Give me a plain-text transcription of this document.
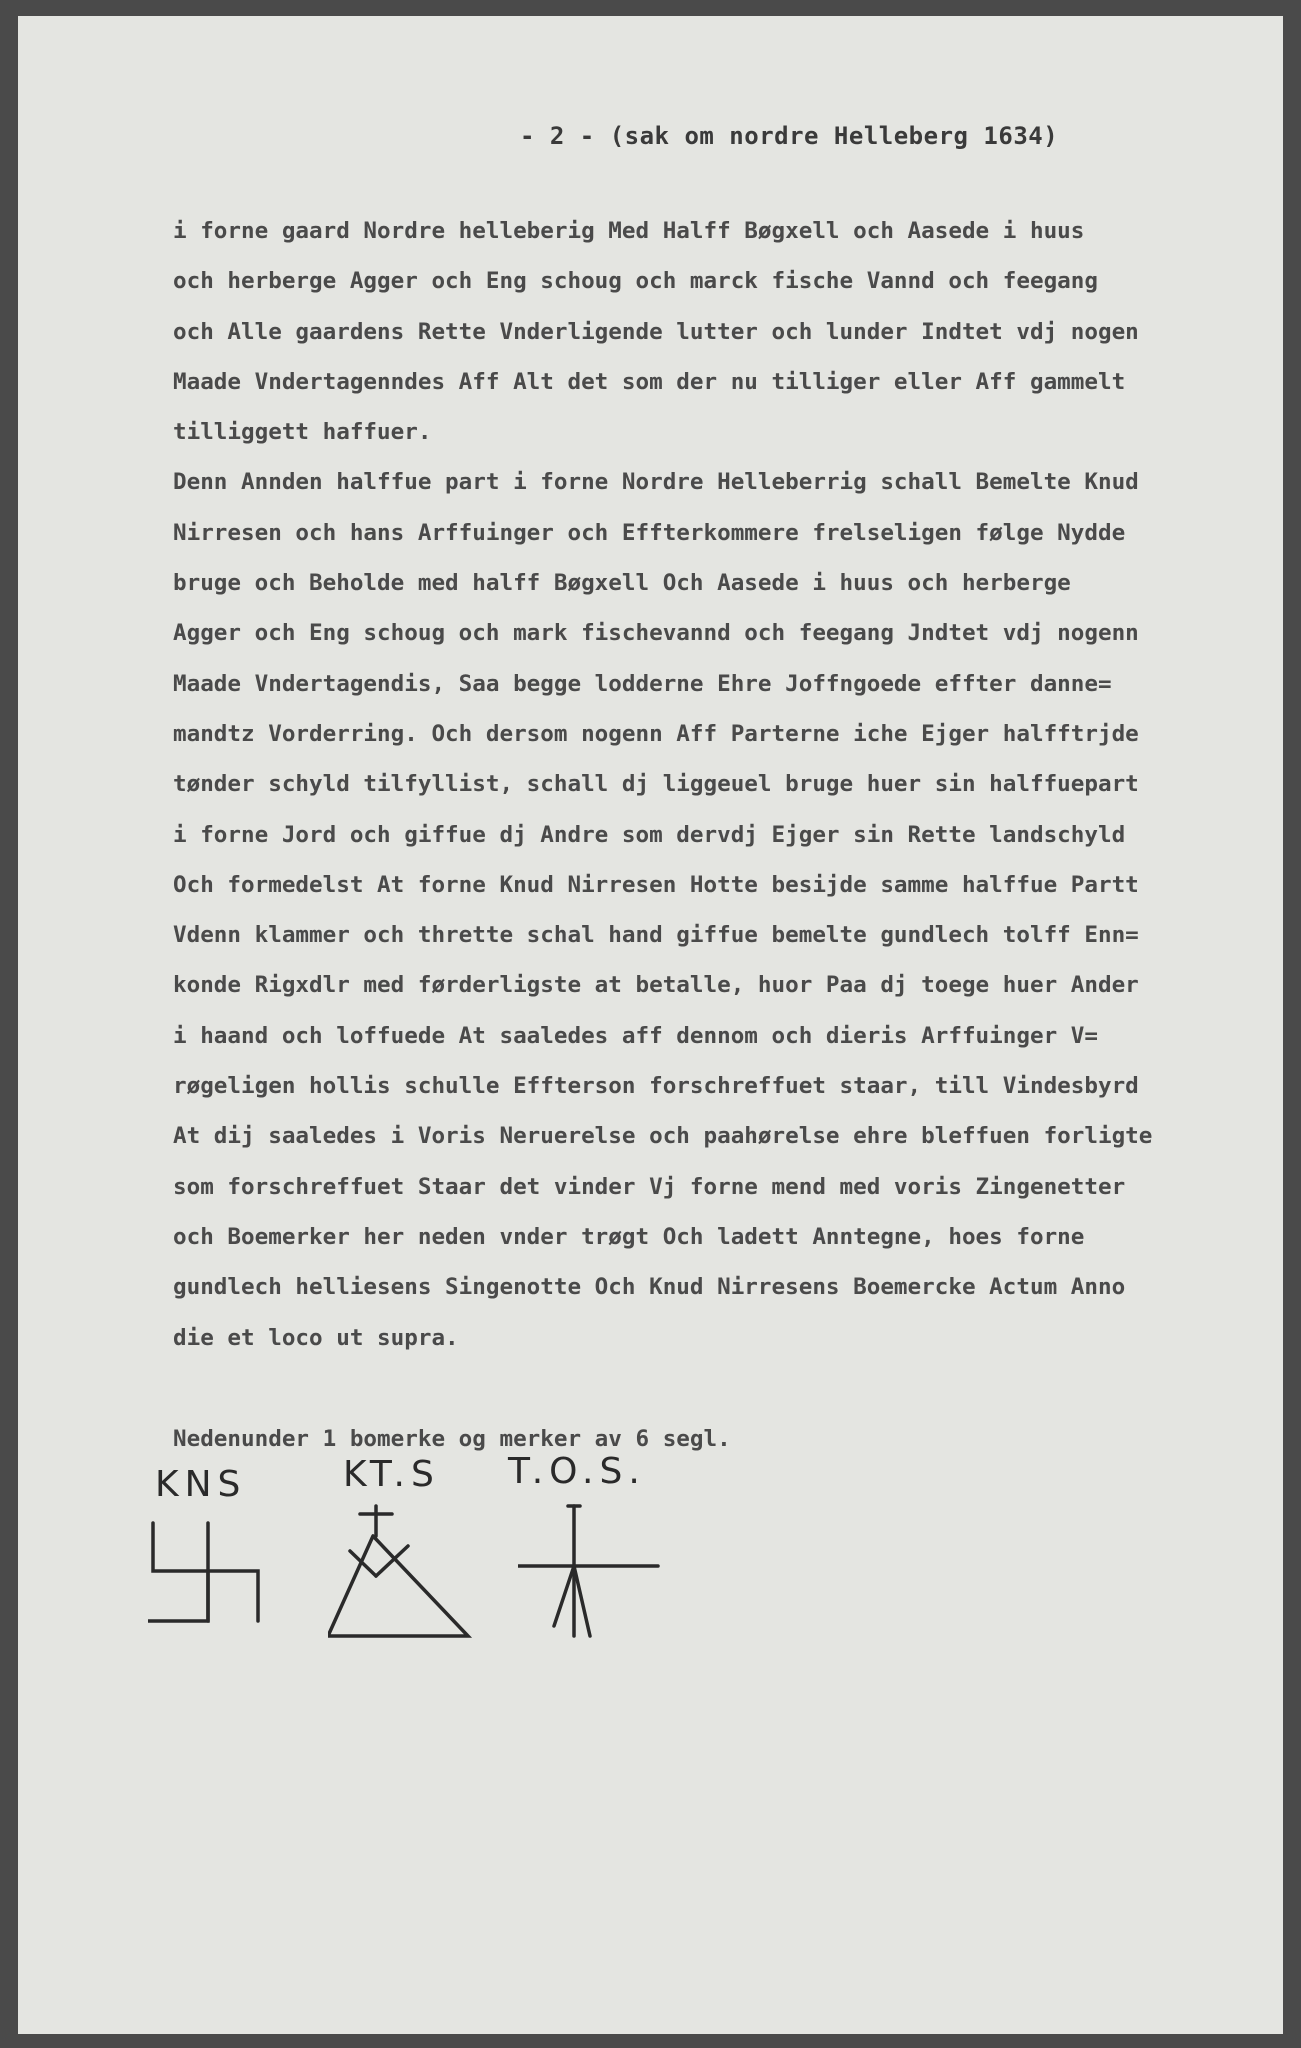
- 2 - (sak om nordre Helleberg 1634)
i forne gaard Nordre helleberig Med Halff Bøgxell och Aasede i huus
och herberge Agger och Eng schoug och marck fische Vannd och feegang
och Alle gaardens Rette Vnderligende lutter och lunder Indtet vdj nogen
Maade Vndertagenndes Aff Alt det som der nu tilliger eller Aff gammelt
tilliggett haffuer.
Denn Annden halffue part i forne Nordre Helleberrig schall Bemelte Knud
Nirresen och hans Arffuinger och Effterkommere frelseligen følge Nydde
bruge och Beholde med halff Bøgxell Och Aasede i huus och herberge
Agger och Eng schoug och mark fischevannd och feegang Jndtet vdj nogenn
Maade Vndertagendis, Saa begge lodderne Ehre Joffngoede effter danne=
mandtz Vorderring. Och dersom nogenn Aff Parterne iche Ejger halfftrjde
tønder schyld tilfyllist, schall dj liggeuel bruge huer sin halffuepart
i forne Jord och giffue dj Andre som dervdj Ejger sin Rette landschyld
Och formedelst At forne Knud Nirresen Hotte besijde samme halffue Partt
Vdenn klammer och thrette schal hand giffue bemelte gundlech tolff Enn=
konde Rigxdlr med førderligste at betalle, huor Paa dj toege huer Ander
i haand och loffuede At saaledes aff dennom och dieris Arffuinger V=
røgeligen hollis schulle Effterson forschreffuet staar, till Vindesbyrd
At dij saaledes i Voris Neruerelse och paahørelse ehre bleffuen forligte
som forschreffuet Staar det vinder Vj forne mend med voris Zingenetter
och Boemerker her neden vnder trøgt Och ladett Anntegne, hoes forne
gundlech helliesens Singenotte Och Knud Nirresens Boemercke Actum Anno
die et loco ut supra.
Nedenunder 1 bomerke og merker av 6 segl.
KNS	KT.S T.O.S.
